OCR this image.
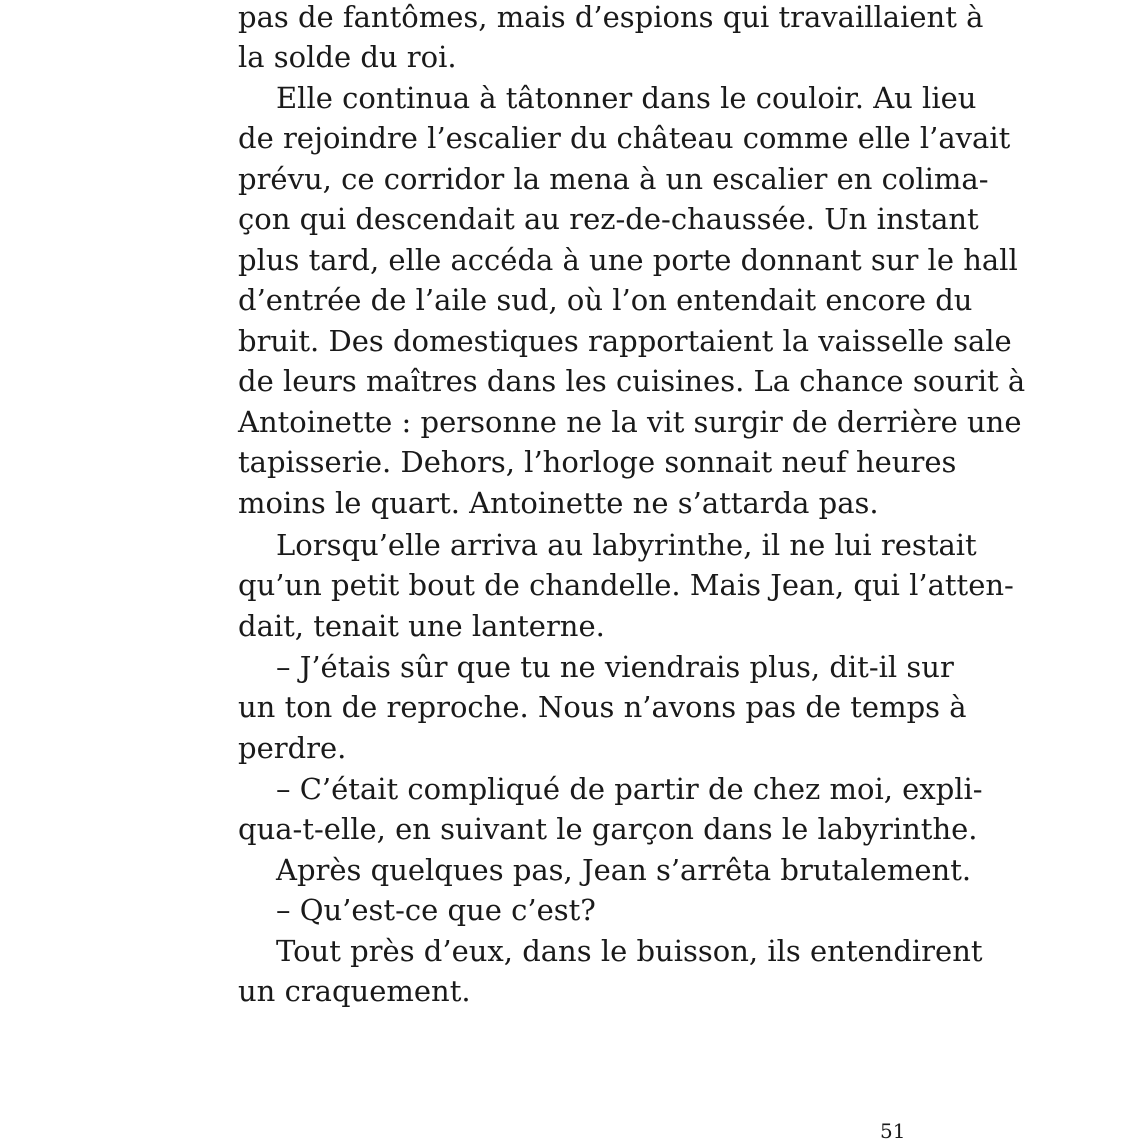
pas de fantômes, mais d’espions qui travaillaient à
la solde du roi.
Elle continua à tâtonner dans le couloir. Au lieu
de rejoindre l’escalier du château comme elle l’avait
prévu, ce corridor la mena à un escalier en colima-
çon qui descendait au rez-de-chaussée. Un instant
plus tard, elle accéda à une porte donnant sur le hall
d’entrée de l’aile sud, où l’on entendait encore du
bruit. Des domestiques rapportaient la vaisselle sale
de leurs maîtres dans les cuisines. La chance sourit à
Antoinette : personne ne la vit surgir de derrière une
tapisserie. Dehors, l’horloge sonnait neuf heures
moins le quart. Antoinette ne s’attarda pas.
Lorsqu’elle arriva au labyrinthe, il ne lui restait
qu’un petit bout de chandelle. Mais Jean, qui l’atten-
dait, tenait une lanterne.
– J’étais sûr que tu ne viendrais plus, dit-il sur
un ton de reproche. Nous n’avons pas de temps à
perdre.
– C’était compliqué de partir de chez moi, expli-
qua-t-elle, en suivant le garçon dans le labyrinthe.
Après quelques pas, Jean s’arrêta brutalement.
– Qu’est-ce que c’est?
Tout près d’eux, dans le buisson, ils entendirent
un craquement.
51
